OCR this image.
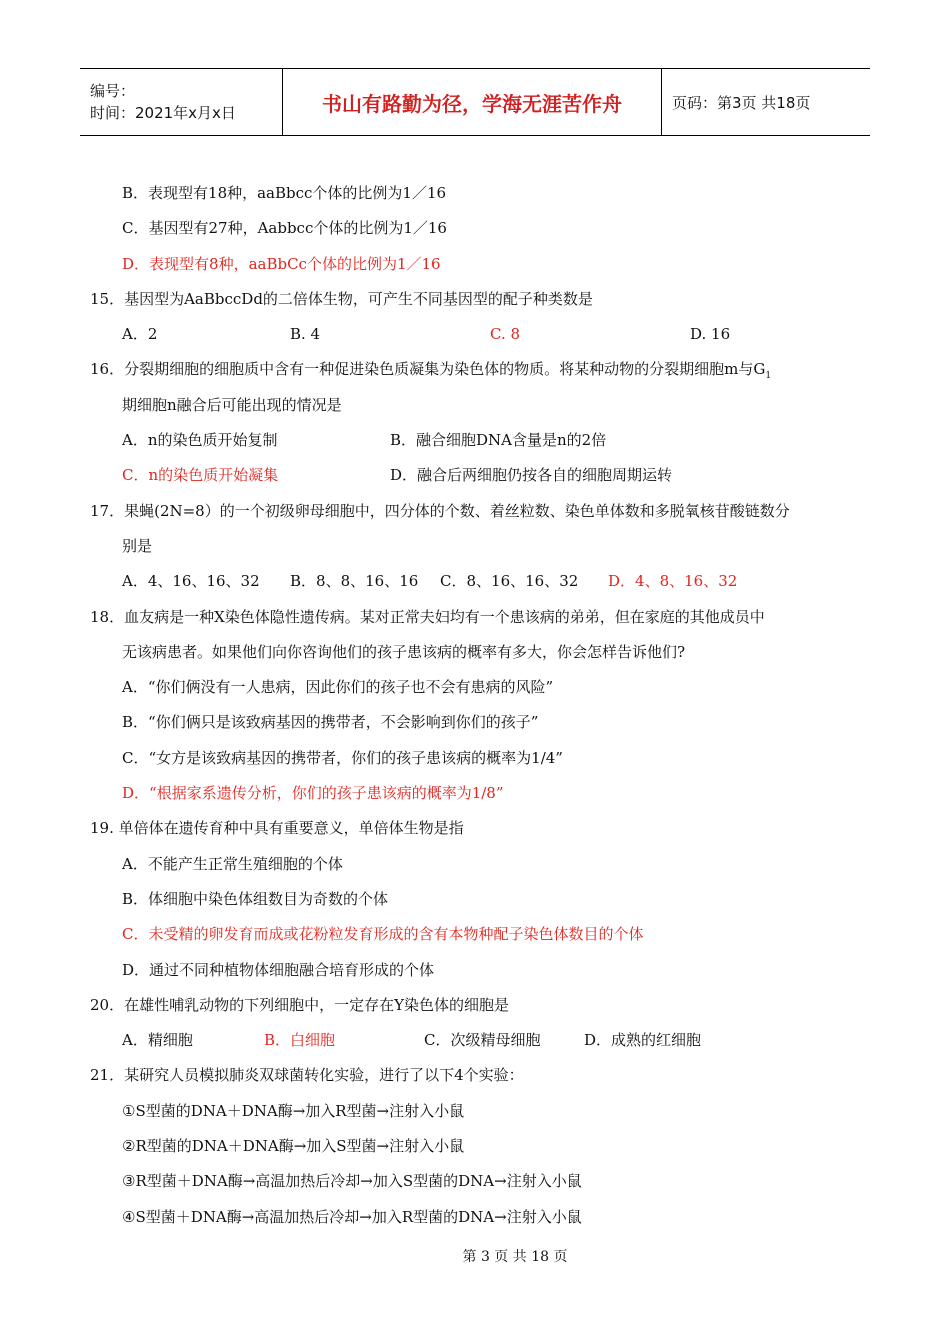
编号：
时间：2021年x月x日	书山有路勤为径，学海无涯苦作舟	页码：第3页 共18页
B．表现型有18种，aaBbcc个体的比例为1／16
C．基因型有27种，Aabbcc个体的比例为1／16
D．表现型有8种，aaBbCc个体的比例为1／16
15．基因型为AaBbccDd的二倍体生物，可产生不同基因型的配子种类数是
A．2	B. 4	C. 8	D. 16
16．分裂期细胞的细胞质中含有一种促进染色质凝集为染色体的物质。将某种动物的分裂期细胞m与$G_1$
期细胞n融合后可能出现的情况是
A．n的染色质开始复制	B．融合细胞DNA含量是n的2倍
C．n的染色质开始凝集	D．融合后两细胞仍按各自的细胞周期运转
17．果蝇(2N=8）的一个初级卵母细胞中，四分体的个数、着丝粒数、染色单体数和多脱氧核苷酸链数分
别是
A．4、16、16、32	B．8、8、16、16	C．8、16、16、32	D．4、8、16、32
18．血友病是一种X染色体隐性遗传病。某对正常夫妇均有一个患该病的弟弟，但在家庭的其他成员中
无该病患者。如果他们向你咨询他们的孩子患该病的概率有多大，你会怎样告诉他们?
A．“你们俩没有一人患病，因此你们的孩子也不会有患病的风险”
B．“你们俩只是该致病基因的携带者，不会影响到你们的孩子”
C．“女方是该致病基因的携带者，你们的孩子患该病的概率为1/4”
D．“根据家系遗传分析，你们的孩子患该病的概率为1/8”
19. 单倍体在遗传育种中具有重要意义，单倍体生物是指
A．不能产生正常生殖细胞的个体
B．体细胞中染色体组数目为奇数的个体
C．未受精的卵发育而成或花粉粒发育形成的含有本物种配子染色体数目的个体
D．通过不同种植物体细胞融合培育形成的个体
20．在雄性哺乳动物的下列细胞中，一定存在Y染色体的细胞是
A．精细胞	B．白细胞	C．次级精母细胞	D．成熟的红细胞
21．某研究人员模拟肺炎双球菌转化实验，进行了以下4个实验：
①S型菌的DNA＋DNA酶→加入R型菌→注射入小鼠
②R型菌的DNA＋DNA酶→加入S型菌→注射入小鼠
③R型菌＋DNA酶→高温加热后冷却→加入S型菌的DNA→注射入小鼠
④S型菌＋DNA酶→高温加热后冷却→加入R型菌的DNA→注射入小鼠
第 3 页 共 18 页
